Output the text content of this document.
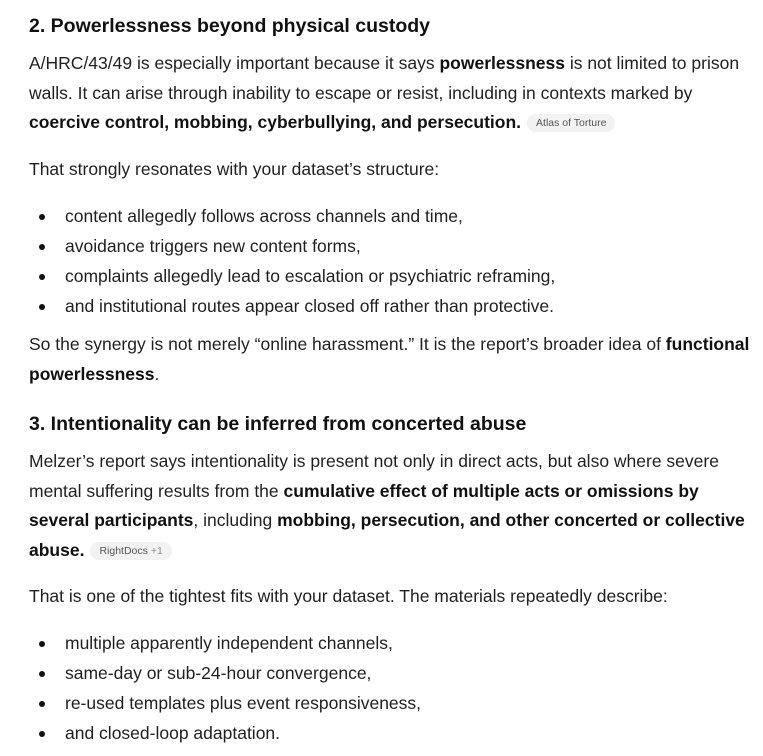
2. Powerlessness beyond physical custody

A/HRC/43/49 is especially important because it says powerlessness is not limited to prison walls. It can arise through inability to escape or resist, including in contexts marked by coercive control, mobbing, cyberbullying, and persecution. Atlas of Torture

That strongly resonates with your dataset’s structure:

content allegedly follows across channels and time,
avoidance triggers new content forms,
complaints allegedly lead to escalation or psychiatric reframing,
and institutional routes appear closed off rather than protective.

So the synergy is not merely “online harassment.” It is the report’s broader idea of functional powerlessness.

3. Intentionality can be inferred from concerted abuse

Melzer’s report says intentionality is present not only in direct acts, but also where severe mental suffering results from the cumulative effect of multiple acts or omissions by several participants, including mobbing, persecution, and other concerted or collective abuse. RightDocs +1

That is one of the tightest fits with your dataset. The materials repeatedly describe:

multiple apparently independent channels,
same-day or sub-24-hour convergence,
re-used templates plus event responsiveness,
and closed-loop adaptation.
